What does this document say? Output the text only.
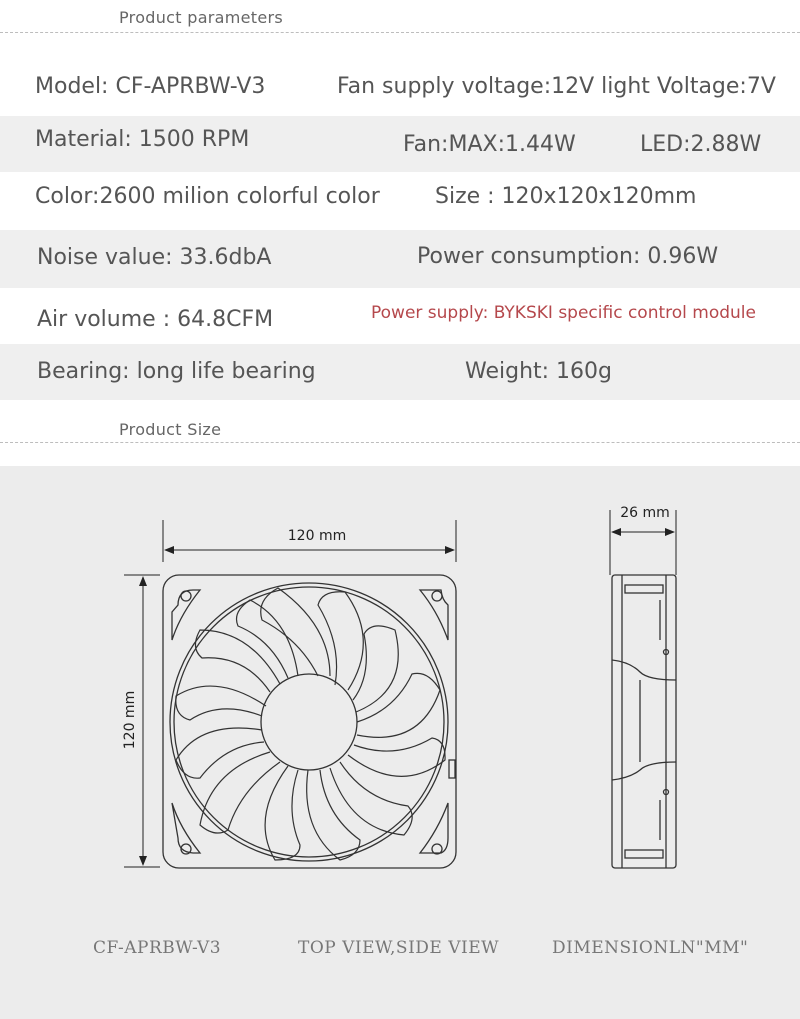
Product parameters
Model: CF-APRBW-V3	Fan supply voltage:12V light Voltage:7V
Material: 1500 RPM	Fan:MAX:1.44W	LED:2.88W
Color:2600 milion colorful color	Size : 120x120x120mm
Noise value: 33.6dbA	Power consumption: 0.96W
Air volume : 64.8CFM	Power supply: BYKSKI specific control module
Bearing: long life bearing	Weight: 160g
Product Size
120 mm
120 mm
26 mm
CF-APRBW-V3	TOP VIEW,SIDE VIEW	DIMENSIONLN"MM"
